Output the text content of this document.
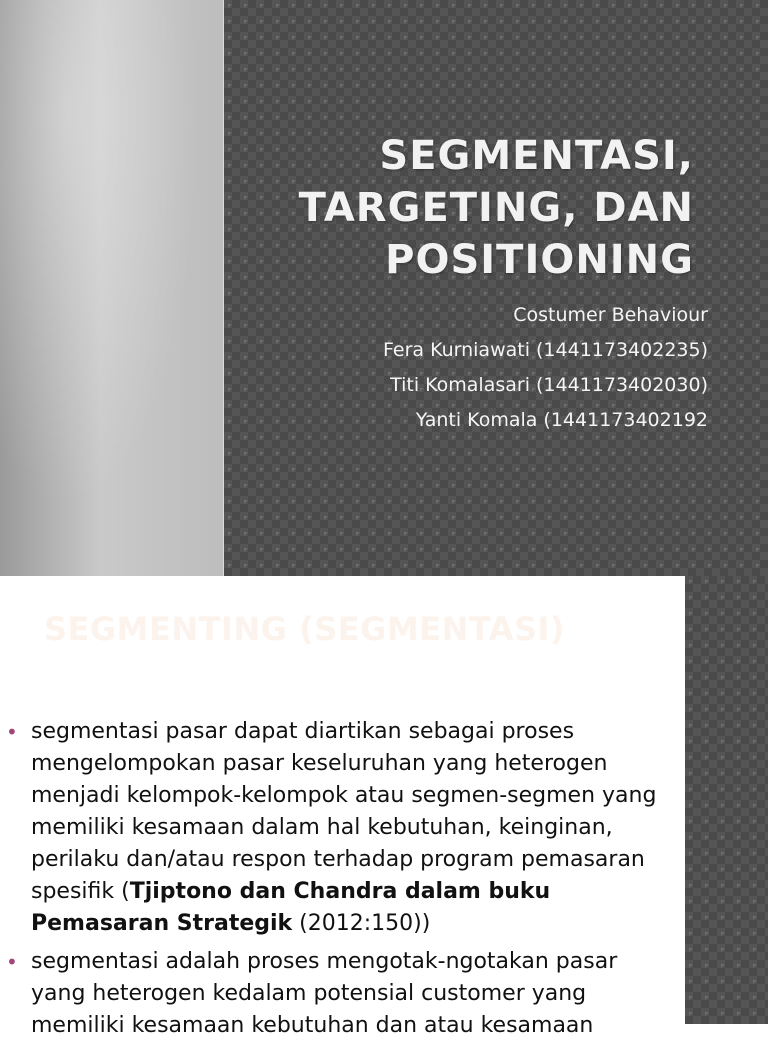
SEGMENTASI,
TARGETING, DAN
POSITIONING
Costumer Behaviour
Fera Kurniawati (1441173402235)
Titi Komalasari (1441173402030)
Yanti Komala (1441173402192
SEGMENTING (SEGMENTASI)
• segmentasi pasar dapat diartikan sebagai proses mengelompokan pasar keseluruhan yang heterogen menjadi kelompok-kelompok atau segmen-segmen yang memiliki kesamaan dalam hal kebutuhan, keinginan, perilaku dan/atau respon terhadap program pemasaran spesifik (Tjiptono dan Chandra dalam buku Pemasaran Strategik (2012:150))
• segmentasi adalah proses mengotak-ngotakan pasar yang heterogen kedalam potensial customer yang memiliki kesamaan kebutuhan dan atau kesamaan
